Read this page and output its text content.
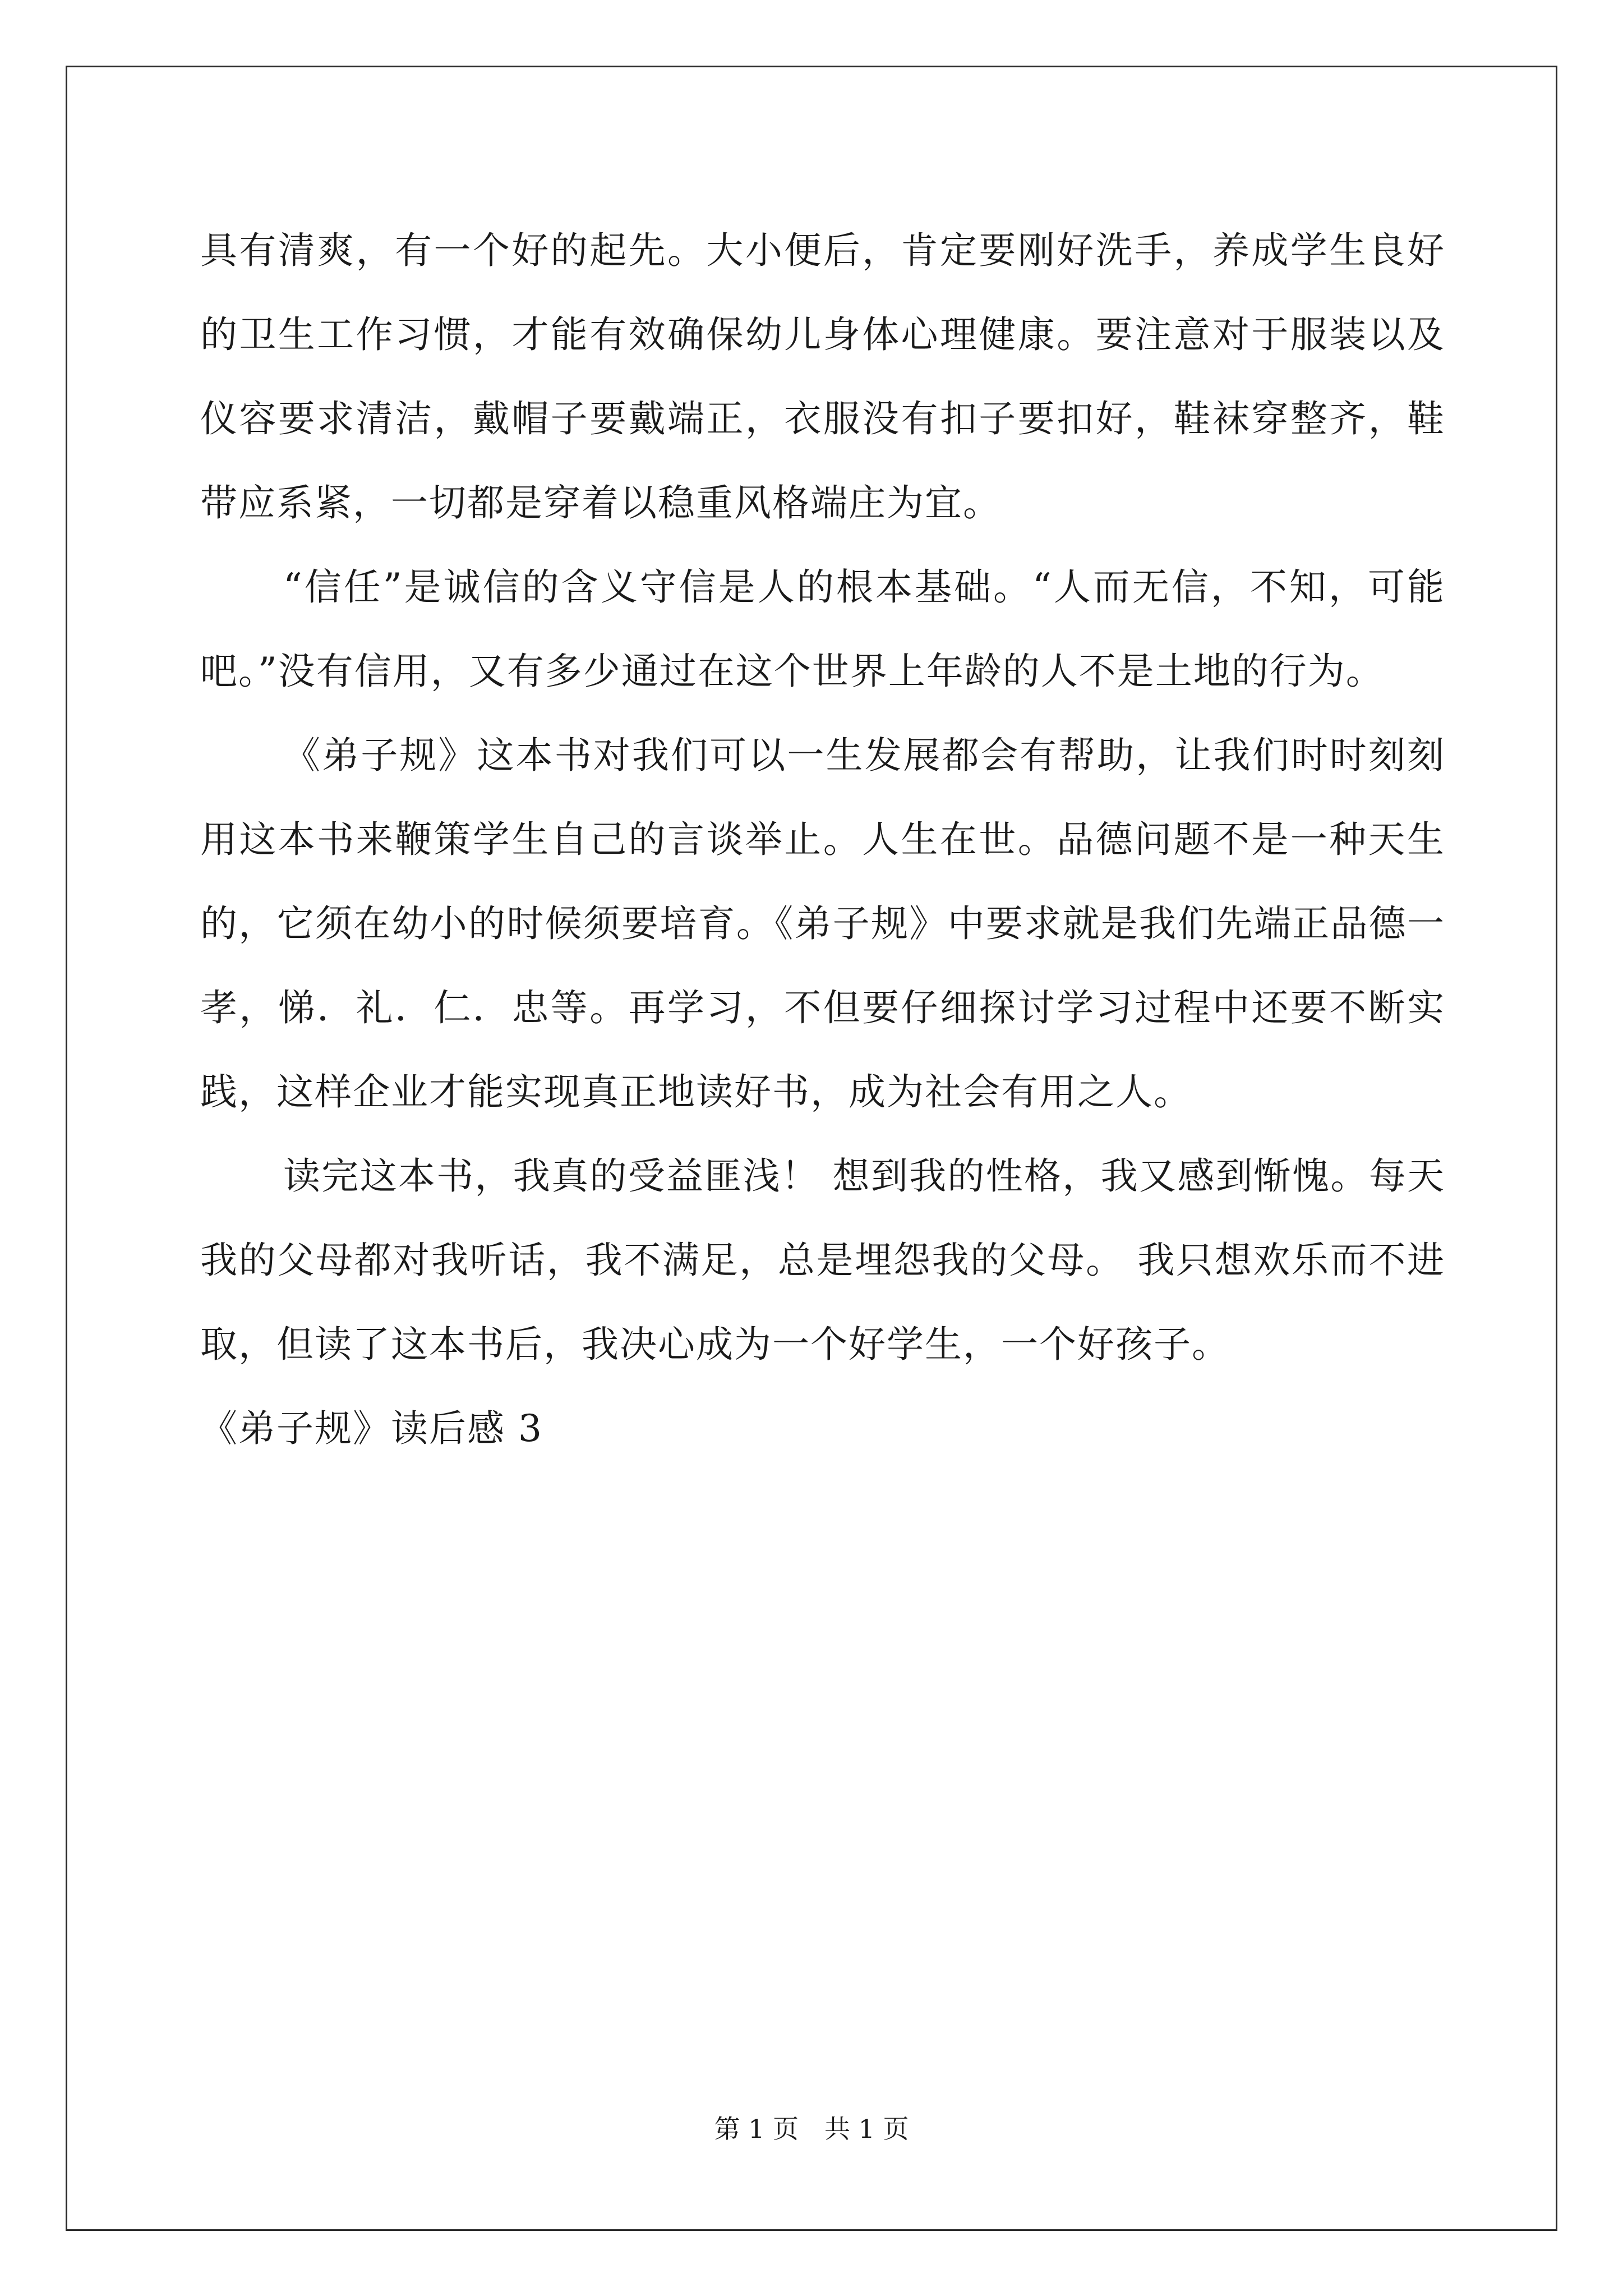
具有清爽，有一个好的起先。大小便后，肯定要刚好洗手，养成学生良好的卫生工作习惯，才能有效确保幼儿身体心理健康。要注意对于服装以及仪容要求清洁，戴帽子要戴端正，衣服没有扣子要扣好，鞋袜穿整齐，鞋带应系紧，一切都是穿着以稳重风格端庄为宜。

“信任”是诚信的含义守信是人的根本基础。“人而无信，不知，可能吧。”没有信用，又有多少通过在这个世界上年龄的人不是土地的行为。

《弟子规》这本书对我们可以一生发展都会有帮助，让我们时时刻刻用这本书来鞭策学生自己的言谈举止。人生在世。品德问题不是一种天生的，它须在幼小的时候须要培育。《弟子规》中要求就是我们先端正品德一孝，悌．礼．仁．忠等。再学习，不但要仔细探讨学习过程中还要不断实践，这样企业才能实现真正地读好书，成为社会有用之人。

读完这本书，我真的受益匪浅！ 想到我的性格，我又感到惭愧。每天我的父母都对我听话，我不满足，总是埋怨我的父母。 我只想欢乐而不进取，但读了这本书后，我决心成为一个好学生，一个好孩子。

《弟子规》读后感 3

第 1 页 共 1 页
